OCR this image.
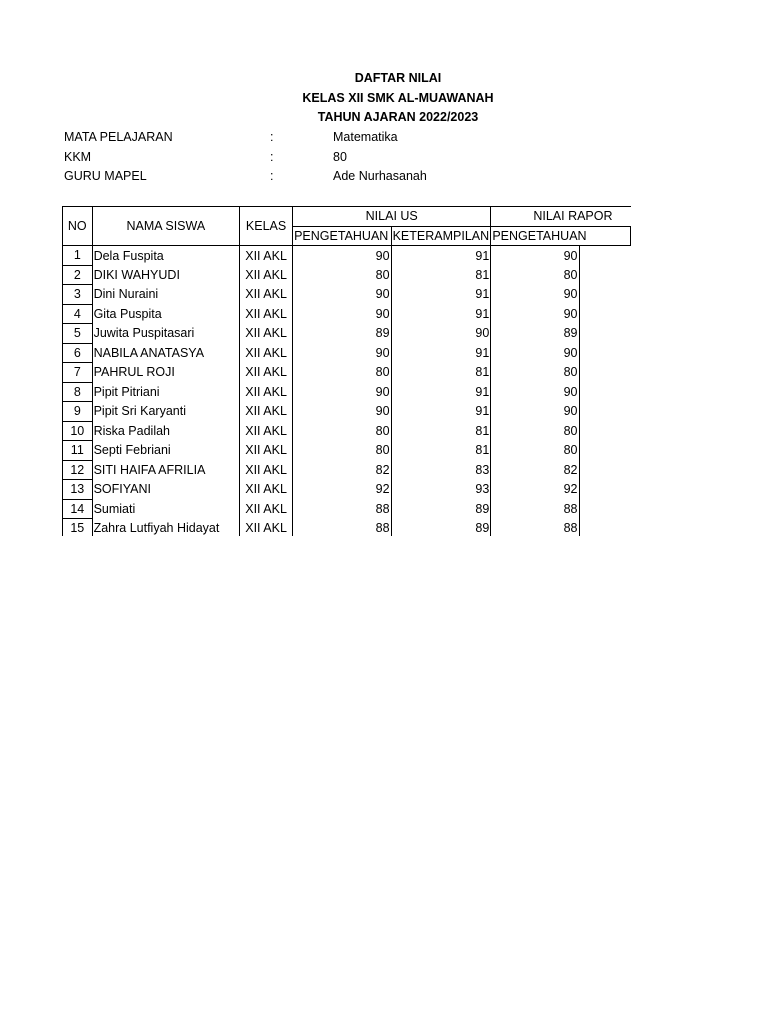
DAFTAR NILAI
KELAS XII SMK AL-MUAWANAH
TAHUN AJARAN 2022/2023
MATA PELAJARAN	:	Matematika
KKM	:	80
GURU MAPEL	:	Ade Nurhasanah
NO	NAMA SISWA	KELAS	NILAI US		NILAI RAPOR
			PENGETAHUAN	KETERAMPILAN	PENGETAHUAN
1	Dela Fuspita	XII AKL	90	91	90
2	DIKI WAHYUDI	XII AKL	80	81	80
3	Dini Nuraini	XII AKL	90	91	90
4	Gita Puspita	XII AKL	90	91	90
5	Juwita Puspitasari	XII AKL	89	90	89
6	NABILA ANATASYA	XII AKL	90	91	90
7	PAHRUL ROJI	XII AKL	80	81	80
8	Pipit Pitriani	XII AKL	90	91	90
9	Pipit Sri Karyanti	XII AKL	90	91	90
10	Riska Padilah	XII AKL	80	81	80
11	Septi Febriani	XII AKL	80	81	80
12	SITI HAIFA AFRILIA	XII AKL	82	83	82
13	SOFIYANI	XII AKL	92	93	92
14	Sumiati	XII AKL	88	89	88
15	Zahra Lutfiyah Hidayat	XII AKL	88	89	88
